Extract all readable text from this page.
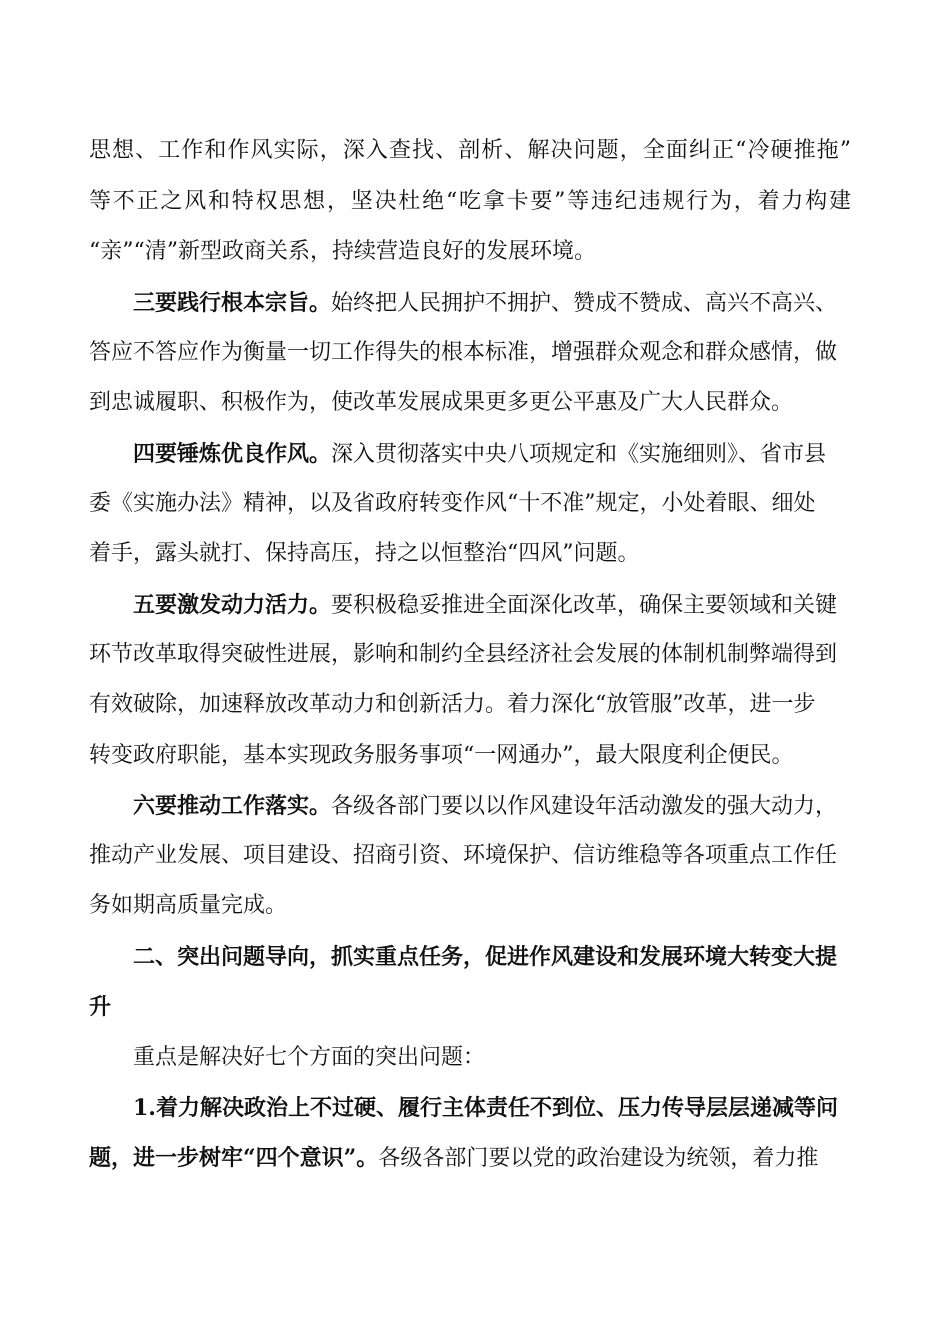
思想、工作和作风实际，深入查找、剖析、解决问题，全面纠正“冷硬推拖”
等不正之风和特权思想，坚决杜绝“吃拿卡要”等违纪违规行为，着力构建
“亲”“清”新型政商关系，持续营造良好的发展环境。
三要践行根本宗旨。始终把人民拥护不拥护、赞成不赞成、高兴不高兴、
答应不答应作为衡量一切工作得失的根本标准，增强群众观念和群众感情，做
到忠诚履职、积极作为，使改革发展成果更多更公平惠及广大人民群众。
四要锤炼优良作风。深入贯彻落实中央八项规定和《实施细则》、省市县
委《实施办法》精神，以及省政府转变作风“十不准”规定，小处着眼、细处
着手，露头就打、保持高压，持之以恒整治“四风”问题。
五要激发动力活力。要积极稳妥推进全面深化改革，确保主要领域和关键
环节改革取得突破性进展，影响和制约全县经济社会发展的体制机制弊端得到
有效破除，加速释放改革动力和创新活力。着力深化“放管服”改革，进一步
转变政府职能，基本实现政务服务事项“一网通办”，最大限度利企便民。
六要推动工作落实。各级各部门要以以作风建设年活动激发的强大动力，
推动产业发展、项目建设、招商引资、环境保护、信访维稳等各项重点工作任
务如期高质量完成。
二、突出问题导向，抓实重点任务，促进作风建设和发展环境大转变大提
升
重点是解决好七个方面的突出问题：
1.着力解决政治上不过硬、履行主体责任不到位、压力传导层层递减等问
题，进一步树牢“四个意识”。各级各部门要以党的政治建设为统领，着力推
